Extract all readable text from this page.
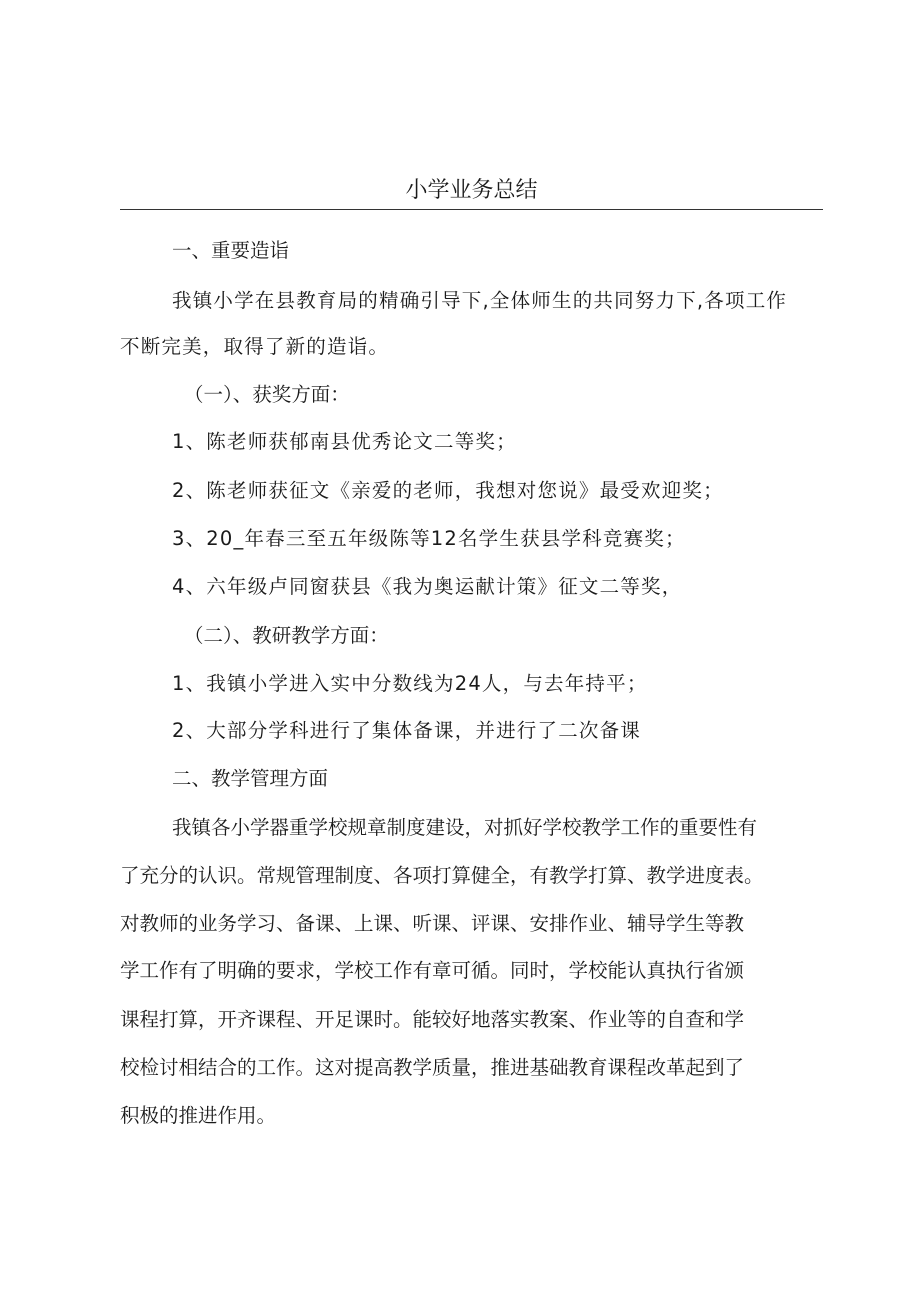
小学业务总结
一、重要造诣
我镇小学在县教育局的精确引导下,全体师生的共同努力下,各项工作
不断完美，取得了新的造诣。
（一）、获奖方面：
1、陈老师获郁南县优秀论文二等奖；
2、陈老师获征文《亲爱的老师，我想对您说》最受欢迎奖；
3、20_年春三至五年级陈等12名学生获县学科竞赛奖；
4、六年级卢同窗获县《我为奥运献计策》征文二等奖，
（二）、教研教学方面：
1、我镇小学进入实中分数线为24人，与去年持平；
2、大部分学科进行了集体备课，并进行了二次备课
二、教学管理方面
我镇各小学器重学校规章制度建设，对抓好学校教学工作的重要性有
了充分的认识。常规管理制度、各项打算健全，有教学打算、教学进度表。
对教师的业务学习、备课、上课、听课、评课、安排作业、辅导学生等教
学工作有了明确的要求，学校工作有章可循。同时，学校能认真执行省颁
课程打算，开齐课程、开足课时。能较好地落实教案、作业等的自查和学
校检讨相结合的工作。这对提高教学质量，推进基础教育课程改革起到了
积极的推进作用。
